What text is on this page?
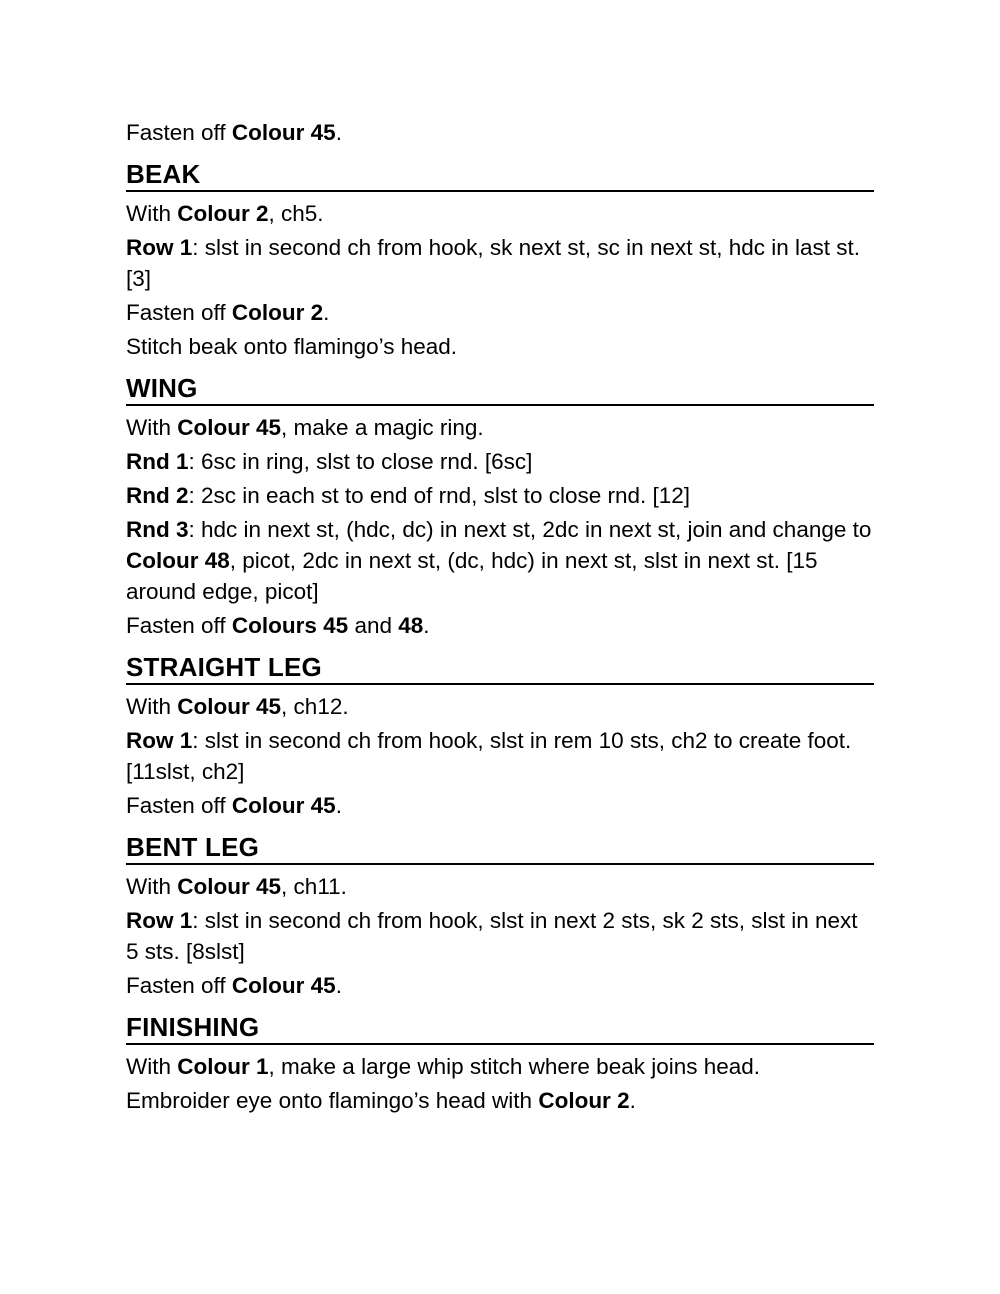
Fasten off Colour 45.

BEAK

With Colour 2, ch5.

Row 1: slst in second ch from hook, sk next st, sc in next st, hdc in last st. [3]

Fasten off Colour 2.

Stitch beak onto flamingo’s head.

WING

With Colour 45, make a magic ring.

Rnd 1: 6sc in ring, slst to close rnd. [6sc]

Rnd 2: 2sc in each st to end of rnd, slst to close rnd. [12]

Rnd 3: hdc in next st, (hdc, dc) in next st, 2dc in next st, join and change to Colour 48, picot, 2dc in next st, (dc, hdc) in next st, slst in next st. [15 around edge, picot]

Fasten off Colours 45 and 48.

STRAIGHT LEG

With Colour 45, ch12.

Row 1: slst in second ch from hook, slst in rem 10 sts, ch2 to create foot. [11slst, ch2]

Fasten off Colour 45.

BENT LEG

With Colour 45, ch11.

Row 1: slst in second ch from hook, slst in next 2 sts, sk 2 sts, slst in next 5 sts. [8slst]

Fasten off Colour 45.

FINISHING

With Colour 1, make a large whip stitch where beak joins head.

Embroider eye onto flamingo’s head with Colour 2.
